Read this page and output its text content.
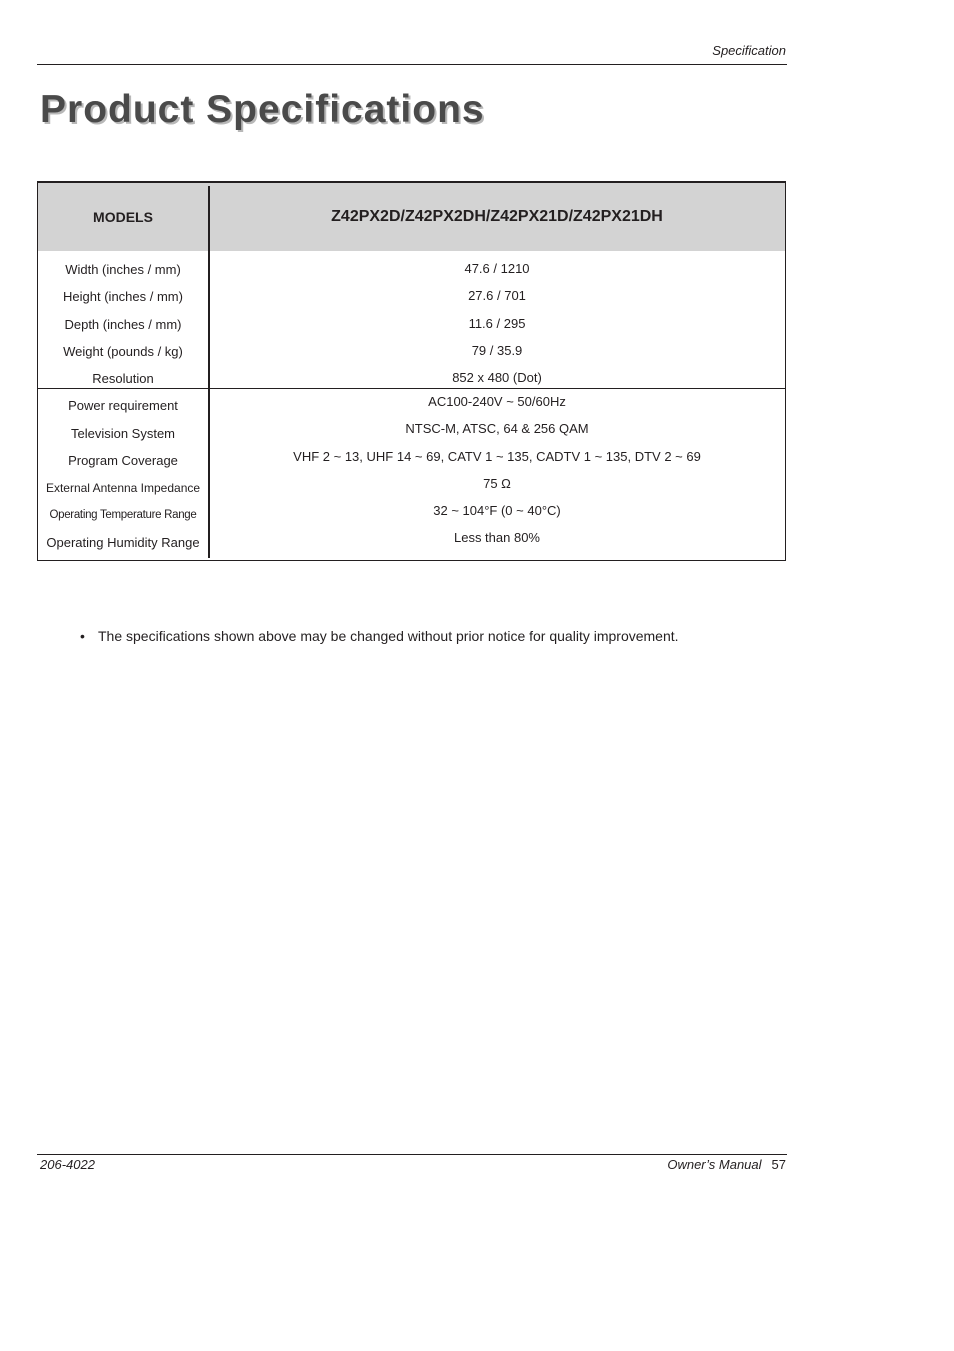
Specification
Product Specifications
MODELS	Z42PX2D/Z42PX2DH/Z42PX21D/Z42PX21DH
Width (inches / mm)	47.6 / 1210
Height (inches / mm)	27.6 / 701
Depth (inches / mm)	11.6 / 295
Weight (pounds / kg)	79 / 35.9
Resolution	852 x 480 (Dot)
Power requirement	AC100-240V ~ 50/60Hz
Television System	NTSC-M, ATSC, 64 & 256 QAM
Program Coverage	VHF 2 ~ 13, UHF 14 ~ 69, CATV 1 ~ 135, CADTV 1 ~ 135, DTV 2 ~ 69
External Antenna Impedance	75 Ω
Operating Temperature Range	32 ~ 104°F (0 ~ 40°C)
Operating Humidity Range	Less than 80%
• The specifications shown above may be changed without prior notice for quality improvement.
206-4022	Owner’s Manual 57
